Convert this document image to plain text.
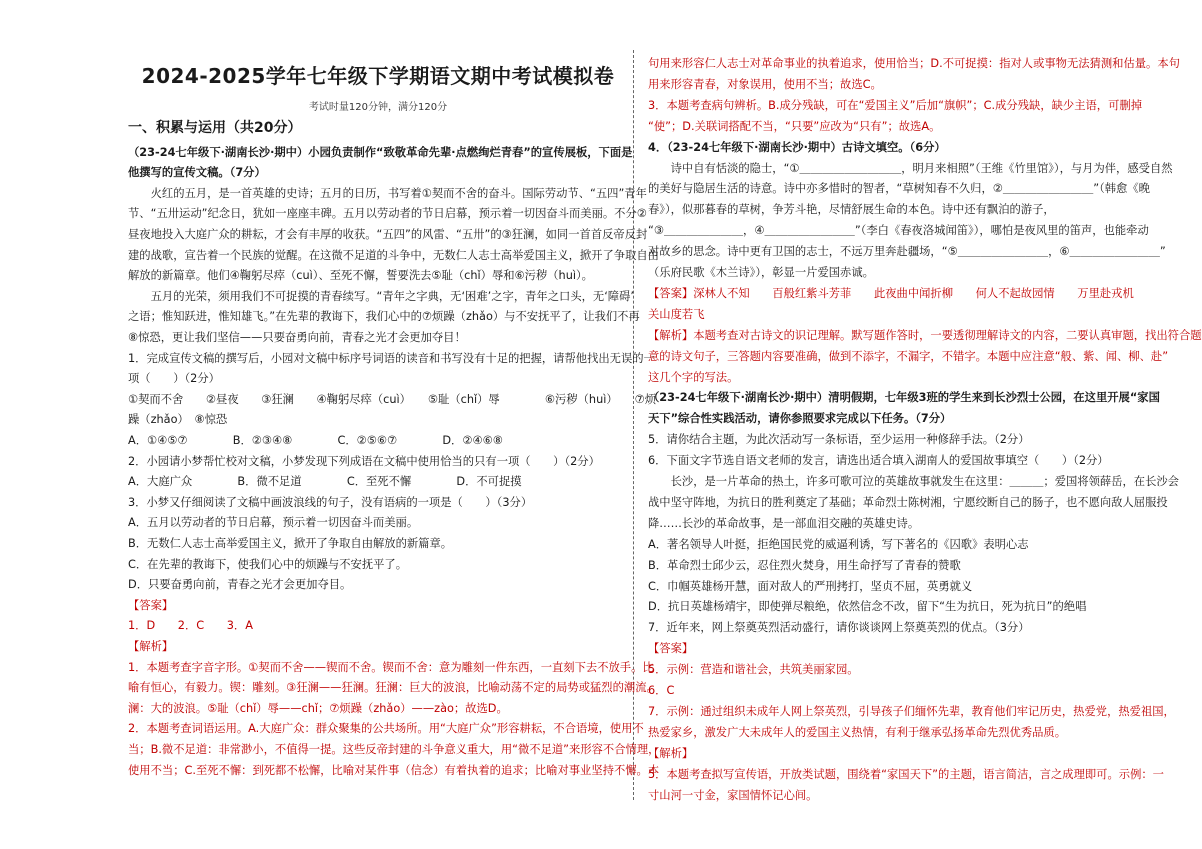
2024-2025学年七年级下学期语文期中考试模拟卷
考试时量120分钟，满分120分
一、积累与运用（共20分）
（23-24七年级下·湖南长沙·期中）小园负责制作“致敬革命先辈·点燃绚烂青春”的宣传展板，下面是
他撰写的宣传文稿。（7分）
　　火红的五月，是一首英雄的史诗；五月的日历，书写着①契而不舍的奋斗。国际劳动节、“五四”青年
节、“五卅运动”纪念日，犹如一座座丰碑。五月以劳动者的节日启幕，预示着一切因奋斗而美丽。不分②
昼夜地投入大庭广众的耕耘，才会有丰厚的收获。“五四”的风雷、“五卅”的③狂澜，如同一首首反帝反封
建的战歌，宣告着一个民族的觉醒。在这微不足道的斗争中，无数仁人志士高举爱国主义，掀开了争取自由
解放的新篇章。他们④鞠躬尽瘁（cuì）、至死不懈，誓要洗去⑤耻（chǐ）辱和⑥污秽（huì）。
　　五月的光荣，须用我们不可捉摸的青春续写。“青年之字典，无‘困难’之字，青年之口头，无‘障碍’
之语；惟知跃进，惟知雄飞。”在先辈的教诲下，我们心中的⑦烦躁（zhǎo）与不安抚平了，让我们不再
⑧惊恐，更让我们坚信——只要奋勇向前，青春之光才会更加夺目！
1．完成宣传文稿的撰写后，小园对文稿中标序号词语的读音和书写没有十足的把握，请帮他找出无误的一
项（　　）（2分）
①契而不舍　　②昼夜　　③狂澜　　④鞠躬尽瘁（cuì）　　⑤耻（chǐ）辱　　　　⑥污秽（huì）　　⑦烦
躁（zhǎo）　⑧惊恐
A．①④⑤⑦　　　　B．②③④⑧　　　　C．②⑤⑥⑦　　　　D．②④⑥⑧
2．小园请小梦帮忙校对文稿，小梦发现下列成语在文稿中使用恰当的只有一项（　　）（2分）
A．大庭广众　　　　B．微不足道　　　　C．至死不懈　　　　D．不可捉摸
3．小梦又仔细阅读了文稿中画波浪线的句子，没有语病的一项是（　　）（3分）
A．五月以劳动者的节日启幕，预示着一切因奋斗而美丽。
B．无数仁人志士高举爱国主义，掀开了争取自由解放的新篇章。
C．在先辈的教诲下，使我们心中的烦躁与不安抚平了。
D．只要奋勇向前，青春之光才会更加夺目。
【答案】
1．D　　2．C　　3．A
【解析】
1．本题考查字音字形。①契而不舍——锲而不舍。锲而不舍：意为雕刻一件东西，一直刻下去不放手。比
喻有恒心，有毅力。锲：雕刻。③狂澜——狂澜。狂澜：巨大的波浪，比喻动荡不定的局势或猛烈的潮流。
澜：大的波浪。⑤耻（chǐ）辱——chǐ；⑦烦躁（zhǎo）——zào；故选D。
2．本题考查词语运用。A.大庭广众：群众聚集的公共场所。用“大庭广众”形容耕耘，不合语境，使用不
当；B.微不足道：非常渺小，不值得一提。这些反帝封建的斗争意义重大，用“微不足道”来形容不合情理，
使用不当；C.至死不懈：到死都不松懈，比喻对某件事（信念）有着执着的追求；比喻对事业坚持不懈。本
句用来形容仁人志士对革命事业的执着追求，使用恰当；D.不可捉摸：指对人或事物无法猜测和估量。本句
用来形容青春，对象误用，使用不当；故选C。
3．本题考查病句辨析。B.成分残缺，可在“爱国主义”后加“旗帜”；C.成分残缺，缺少主语，可删掉
“使”；D.关联词搭配不当，“只要”应改为“只有”；故选A。
4．（23-24七年级下·湖南长沙·期中）古诗文填空。（6分）
　　诗中自有恬淡的隐士，“①＿＿＿＿＿＿＿＿＿，明月来相照”（王维《竹里馆》），与月为伴，感受自然
的美好与隐居生活的诗意。诗中亦多惜时的智者，“草树知春不久归，②＿＿＿＿＿＿＿＿”（韩愈《晚
春》），似那暮春的草树，争芳斗艳，尽情舒展生命的本色。诗中还有飘泊的游子，
“③＿＿＿＿＿＿＿，④＿＿＿＿＿＿＿＿”（李白《春夜洛城闻笛》），哪怕是夜风里的笛声，也能牵动
对故乡的思念。诗中更有卫国的志士，不远万里奔赴疆场，“⑤＿＿＿＿＿＿＿＿，⑥＿＿＿＿＿＿＿＿”
（乐府民歌《木兰诗》），彰显一片爱国赤诚。
【答案】深林人不知　　百般红紫斗芳菲　　此夜曲中闻折柳　　何人不起故园情　　万里赴戎机
关山度若飞
【解析】本题考查对古诗文的识记理解。默写题作答时，一要透彻理解诗文的内容，二要认真审题，找出符合题
意的诗文句子，三答题内容要准确，做到不添字，不漏字，不错字。本题中应注意“般、紫、闻、柳、赴”
这几个字的写法。
（23-24七年级下·湖南长沙·期中）清明假期，七年级3班的学生来到长沙烈士公园，在这里开展“家国
天下”综合性实践活动，请你参照要求完成以下任务。（7分）
5．请你结合主题，为此次活动写一条标语，至少运用一种修辞手法。（2分）
6．下面文字节选自语文老师的发言，请选出适合填入湖南人的爱国故事填空（　　）（2分）
　　长沙，是一片革命的热土，许多可歌可泣的英雄故事就发生在这里：＿＿＿；爱国将领薛岳，在长沙会
战中坚守阵地，为抗日的胜利奠定了基础；革命烈士陈树湘，宁愿绞断自己的肠子，也不愿向敌人屈服投
降……长沙的革命故事，是一部血泪交融的英雄史诗。
A．著名领导人叶挺，拒绝国民党的威逼利诱，写下著名的《囚歌》表明心志
B．革命烈士邱少云，忍住烈火焚身，用生命抒写了青春的赞歌
C．巾帼英雄杨开慧，面对敌人的严刑拷打，坚贞不屈，英勇就义
D．抗日英雄杨靖宇，即使弹尽粮绝，依然信念不改，留下“生为抗日，死为抗日”的绝唱
7．近年来，网上祭奠英烈活动盛行，请你谈谈网上祭奠英烈的优点。（3分）
【答案】
5．示例：营造和谐社会，共筑美丽家园。
6．C
7．示例：通过组织未成年人网上祭英烈，引导孩子们缅怀先辈，教育他们牢记历史，热爱党，热爱祖国，
热爱家乡，激发广大未成年人的爱国主义热情，有利于继承弘扬革命先烈优秀品质。
【解析】
5．本题考查拟写宣传语，开放类试题，围绕着“家国天下”的主题，语言简洁，言之成理即可。示例：一
寸山河一寸金，家国情怀记心间。
